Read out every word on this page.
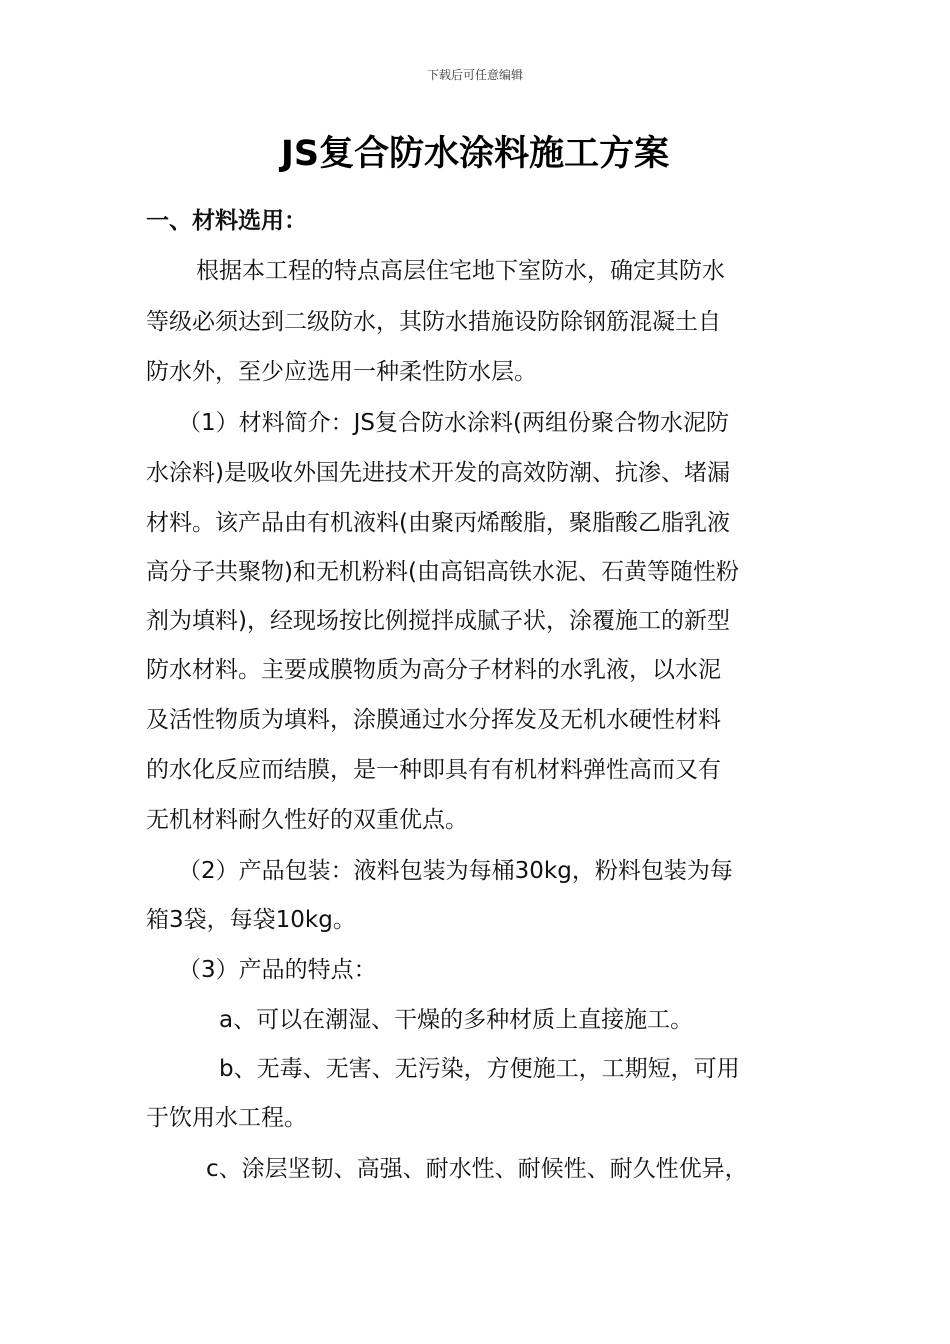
下载后可任意编辑
JS复合防水涂料施工方案
一、材料选用：
根据本工程的特点高层住宅地下室防水，确定其防水
等级必须达到二级防水，其防水措施设防除钢筋混凝土自
防水外，至少应选用一种柔性防水层。
（1）材料简介：JS复合防水涂料(两组份聚合物水泥防
水涂料)是吸收外国先进技术开发的高效防潮、抗渗、堵漏
材料。该产品由有机液料(由聚丙烯酸脂，聚脂酸乙脂乳液
高分子共聚物)和无机粉料(由高铝高铁水泥、石黄等随性粉
剂为填料)，经现场按比例搅拌成腻子状，涂覆施工的新型
防水材料。主要成膜物质为高分子材料的水乳液，以水泥
及活性物质为填料，涂膜通过水分挥发及无机水硬性材料
的水化反应而结膜，是一种即具有有机材料弹性高而又有
无机材料耐久性好的双重优点。
（2）产品包装：液料包装为每桶30kg，粉料包装为每
箱3袋，每袋10kg。
（3）产品的特点：
a、可以在潮湿、干燥的多种材质上直接施工。
b、无毒、无害、无污染，方便施工，工期短，可用
于饮用水工程。
c、涂层坚韧、高强、耐水性、耐候性、耐久性优异，
